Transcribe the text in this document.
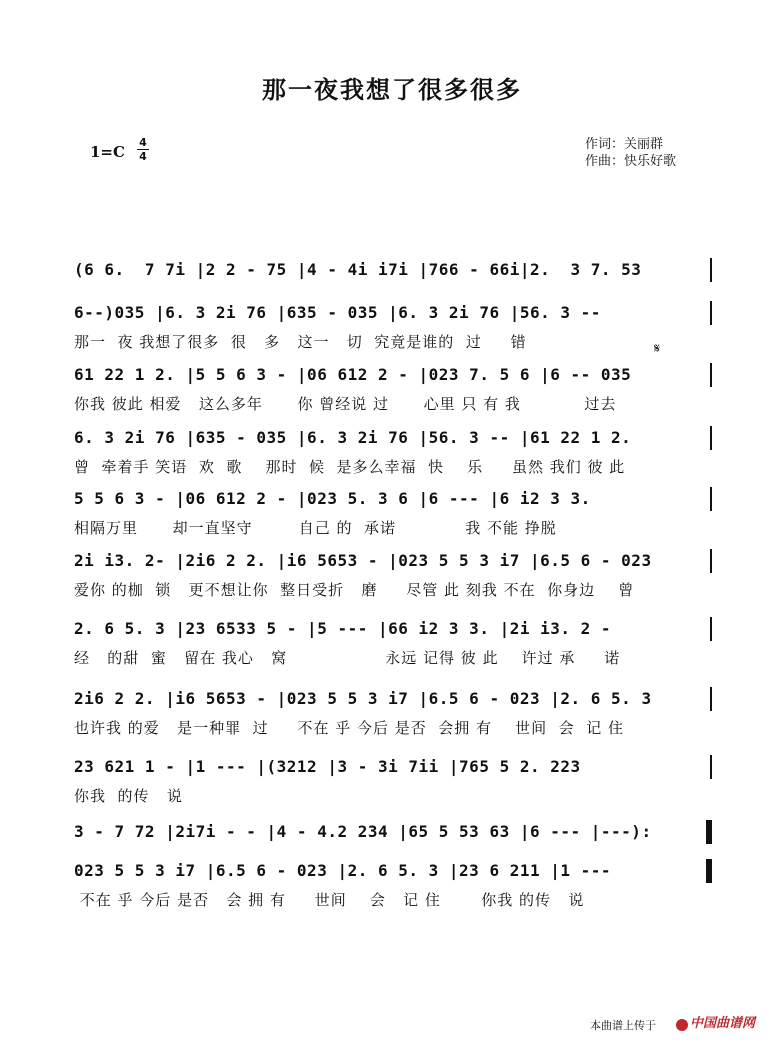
那一夜我想了很多很多
1=C
4
4
作词：关丽群
作曲：快乐好歌
(6 6.  7 7i |2 2 - 75 |4 - 4i i7i |766 - 66i|2.  3 7. 53
6--)035 |6. 3 2i 76 |635 - 035 |6. 3 2i 76 |56. 3 --
那一  夜 我想了很多  很   多   这一   切  究竟是谁的  过     错
61 22 1 2. |5 5 6 3 - |06 612 2 - |023 7. 5 6 |6 -- 035
你我 彼此 相爱   这么多年      你 曾经说 过      心里 只 有 我           过去
6. 3 2i 76 |635 - 035 |6. 3 2i 76 |56. 3 -- |61 22 1 2.
曾  牵着手 笑语  欢  歌    那时  候  是多么幸福  快    乐     虽然 我们 彼 此
5 5 6 3 - |06 612 2 - |023 5. 3 6 |6 --- |6 i2 3 3.
相隔万里      却一直坚守        自己 的  承诺            我 不能 挣脱
2i i3. 2- |2i6 2 2. |i6 5653 - |023 5 5 3 i7 |6.5 6 - 023
爱你 的枷  锁   更不想让你  整日受折   磨     尽管 此 刻我 不在  你身边    曾
2. 6 5. 3 |23 6533 5 - |5 --- |66 i2 3 3. |2i i3. 2 -
经   的甜  蜜   留在 我心   窝                 永远 记得 彼 此    许过 承     诺
2i6 2 2. |i6 5653 - |023 5 5 3 i7 |6.5 6 - 023 |2. 6 5. 3
也许我 的爱   是一种罪  过     不在 乎 今后 是否  会拥 有    世间  会  记 住
23 621 1 - |1 --- |(3212 |3 - 3i 7ii |765 5 2. 223
你我  的传   说
3 - 7 72 |2i7i - - |4 - 4.2 234 |65 5 53 63 |6 --- |---):
023 5 5 3 i7 |6.5 6 - 023 |2. 6 5. 3 |23 6 211 |1 ---
不在 乎 今后 是否   会 拥 有     世间    会   记 住       你我 的传   说
𝄋
本曲谱上传于	中国曲谱网
